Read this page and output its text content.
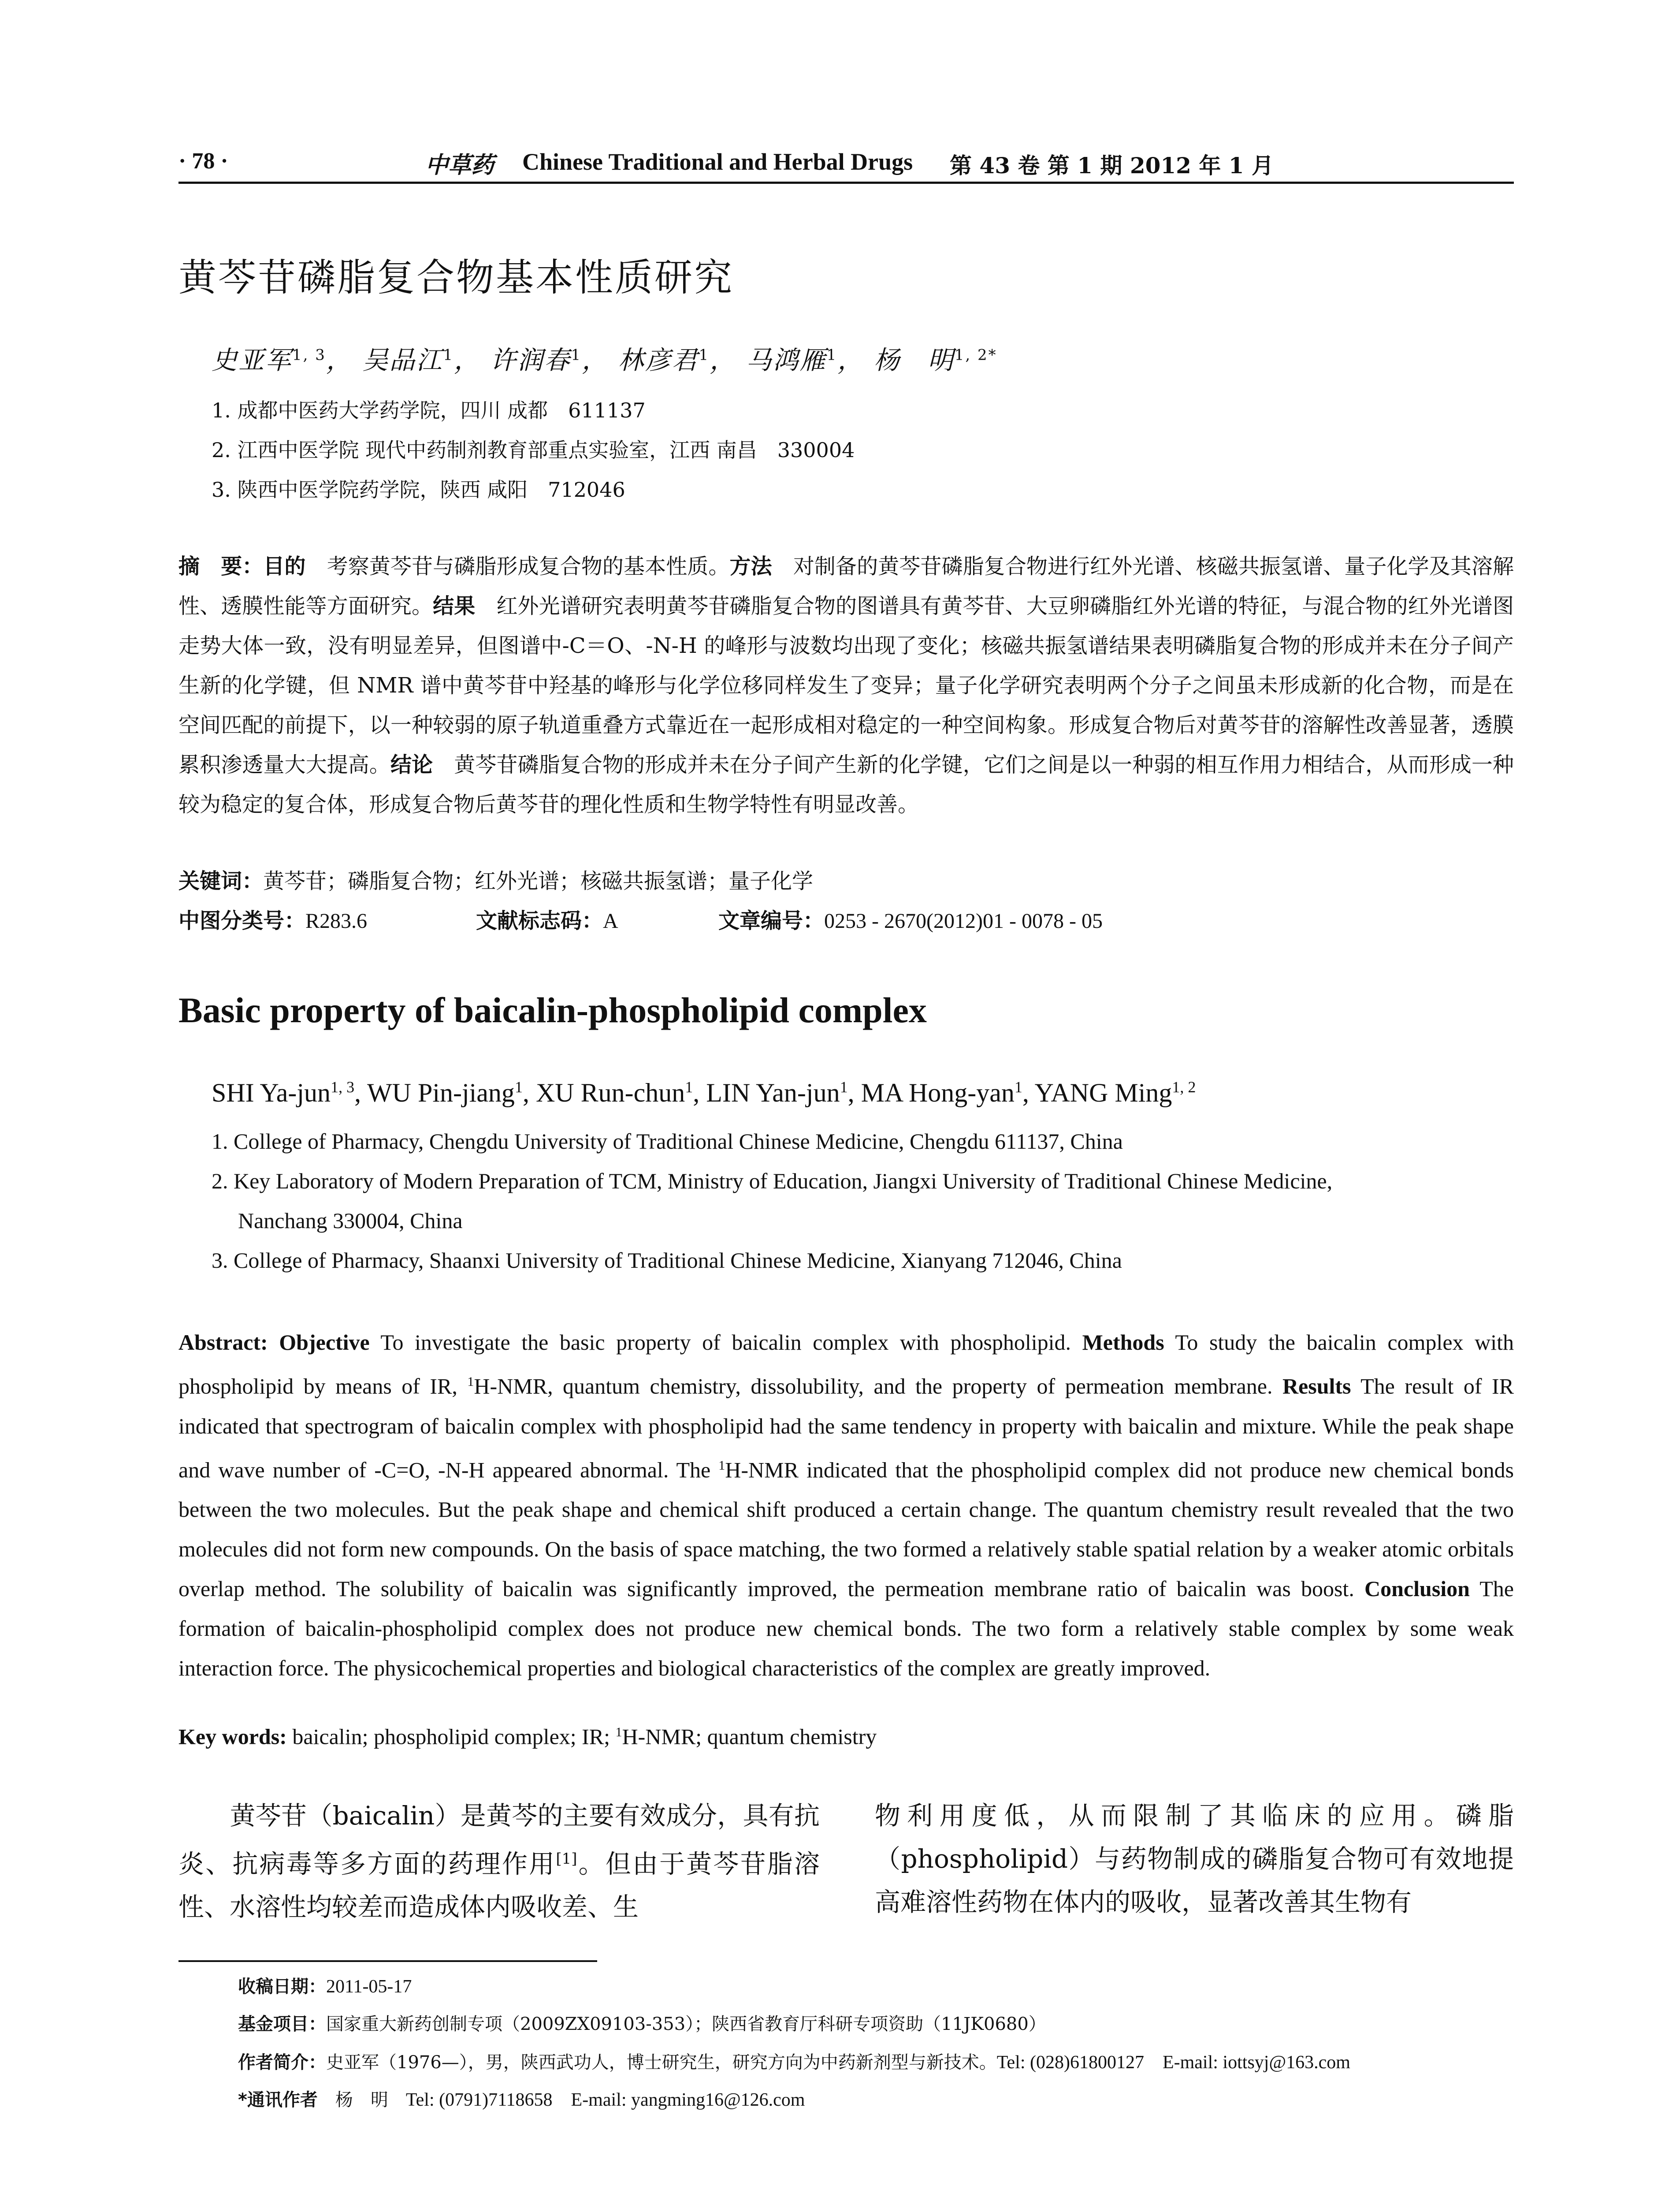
· 78 ·	中草药 Chinese Traditional and Herbal Drugs 第 43 卷 第 1 期 2012 年 1 月
黄芩苷磷脂复合物基本性质研究
史亚军$^{1, 3}$， 吴品江$^1$， 许润春$^1$， 林彦君$^1$， 马鸿雁$^1$， 杨　明$^{1, 2*}$
1. 成都中医药大学药学院，四川 成都　611137
2. 江西中医学院 现代中药制剂教育部重点实验室，江西 南昌　330004
3. 陕西中医学院药学院，陕西 咸阳　712046
摘　要：目的　考察黄芩苷与磷脂形成复合物的基本性质。方法　对制备的黄芩苷磷脂复合物进行红外光谱、核磁共振氢谱、量子化学及其溶解性、透膜性能等方面研究。结果　红外光谱研究表明黄芩苷磷脂复合物的图谱具有黄芩苷、大豆卵磷脂红外光谱的特征，与混合物的红外光谱图走势大体一致，没有明显差异，但图谱中-C＝O、-N-H 的峰形与波数均出现了变化；核磁共振氢谱结果表明磷脂复合物的形成并未在分子间产生新的化学键，但 NMR 谱中黄芩苷中羟基的峰形与化学位移同样发生了变异；量子化学研究表明两个分子之间虽未形成新的化合物，而是在空间匹配的前提下，以一种较弱的原子轨道重叠方式靠近在一起形成相对稳定的一种空间构象。形成复合物后对黄芩苷的溶解性改善显著，透膜累积渗透量大大提高。结论　黄芩苷磷脂复合物的形成并未在分子间产生新的化学键，它们之间是以一种弱的相互作用力相结合，从而形成一种较为稳定的复合体，形成复合物后黄芩苷的理化性质和生物学特性有明显改善。
关键词：黄芩苷；磷脂复合物；红外光谱；核磁共振氢谱；量子化学
中图分类号：R283.6	文献标志码：A	文章编号：0253 - 2670(2012)01 - 0078 - 05
Basic property of baicalin-phospholipid complex
SHI Ya-jun$^{1, 3}$, WU Pin-jiang$^1$, XU Run-chun$^1$, LIN Yan-jun$^1$, MA Hong-yan$^1$, YANG Ming$^{1, 2}$
1. College of Pharmacy, Chengdu University of Traditional Chinese Medicine, Chengdu 611137, China
2. Key Laboratory of Modern Preparation of TCM, Ministry of Education, Jiangxi University of Traditional Chinese Medicine,
Nanchang 330004, China
3. College of Pharmacy, Shaanxi University of Traditional Chinese Medicine, Xianyang 712046, China
Abstract: Objective To investigate the basic property of baicalin complex with phospholipid. Methods To study the baicalin complex with phospholipid by means of IR, $^1$H-NMR, quantum chemistry, dissolubility, and the property of permeation membrane. Results The result of IR indicated that spectrogram of baicalin complex with phospholipid had the same tendency in property with baicalin and mixture. While the peak shape and wave number of -C=O, -N-H appeared abnormal. The $^1$H-NMR indicated that the phospholipid complex did not produce new chemical bonds between the two molecules. But the peak shape and chemical shift produced a certain change. The quantum chemistry result revealed that the two molecules did not form new compounds. On the basis of space matching, the two formed a relatively stable spatial relation by a weaker atomic orbitals overlap method. The solubility of baicalin was significantly improved, the permeation membrane ratio of baicalin was boost. Conclusion The formation of baicalin-phospholipid complex does not produce new chemical bonds. The two form a relatively stable complex by some weak interaction force. The physicochemical properties and biological characteristics of the complex are greatly improved.
Key words: baicalin; phospholipid complex; IR; $^1$H-NMR; quantum chemistry
　　黄芩苷（baicalin）是黄芩的主要有效成分，具有抗炎、抗病毒等多方面的药理作用[1]。但由于黄芩苷脂溶性、水溶性均较差而造成体内吸收差、生
物利用度低，从而限制了其临床的应用。磷脂（phospholipid）与药物制成的磷脂复合物可有效地提高难溶性药物在体内的吸收，显著改善其生物有
收稿日期：2011-05-17
基金项目：国家重大新药创制专项（2009ZX09103-353）；陕西省教育厅科研专项资助（11JK0680）
作者简介：史亚军（1976—），男，陕西武功人，博士研究生，研究方向为中药新剂型与新技术。Tel: (028)61800127　E-mail: iottsyj@163.com
*通讯作者　杨　明　Tel: (0791)7118658　E-mail: yangming16@126.com
